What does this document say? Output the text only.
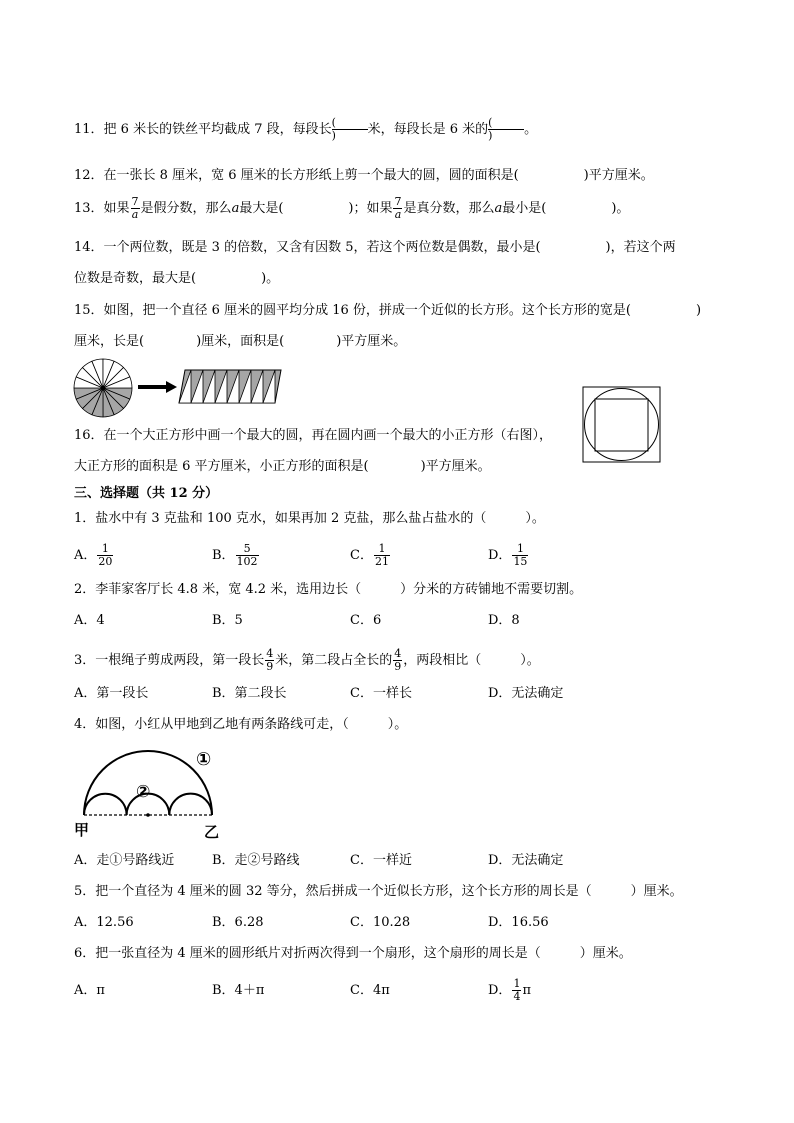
11．把 6 米长的铁丝平均截成 7 段，每段长 (
)	米，每段长是 6 米的 (
)	。
12．在一张长 8 厘米，宽 6 厘米的长方形纸上剪一个最大的圆，圆的面积是(　　　　　)平方厘米。
13．如果 $\frac{7}{a}$ 是假分数，那么a最大是(　　　　　)；如果 $\frac{7}{a}$ 是真分数，那么a最小是(　　　　　)。
14．一个两位数，既是 3 的倍数，又含有因数 5，若这个两位数是偶数，最小是(　　　　　)，若这个两
位数是奇数，最大是(　　　　　)。
15．如图，把一个直径 6 厘米的圆平均分成 16 份，拼成一个近似的长方形。这个长方形的宽是(　　　　　)
厘米，长是(　　　　)厘米，面积是(　　　　)平方厘米。
16．在一个大正方形中画一个最大的圆，再在圆内画一个最大的小正方形（右图），
大正方形的面积是 6 平方厘米，小正方形的面积是(　　　　)平方厘米。
三、选择题（共 12 分）
1．盐水中有 3 克盐和 100 克水，如果再加 2 克盐，那么盐占盐水的（　　　）。
A． $\frac{1}{20}$	B． $\frac{5}{102}$	C． $\frac{1}{21}$	D． $\frac{1}{15}$
2．李菲家客厅长 4.8 米，宽 4.2 米，选用边长（　　　）分米的方砖铺地不需要切割。
A．4	B．5	C．6	D．8
3．一根绳子剪成两段，第一段长 $\frac{4}{9}$ 米，第二段占全长的 $\frac{4}{9}$ ，两段相比（　　　）。
A．第一段长	B．第二段长	C．一样长	D．无法确定
4．如图，小红从甲地到乙地有两条路线可走，（　　　）。
①
②
甲	乙
A．走①号路线近	B．走②号路线	C．一样近	D．无法确定
5．把一个直径为 4 厘米的圆 32 等分，然后拼成一个近似长方形，这个长方形的周长是（　　　）厘米。
A．12.56	B．6.28	C．10.28	D．16.56
6．把一张直径为 4 厘米的圆形纸片对折两次得到一个扇形，这个扇形的周长是（　　　）厘米。
A．π	B．4＋π	C．4π	D． $\frac{1}{4}$ π
